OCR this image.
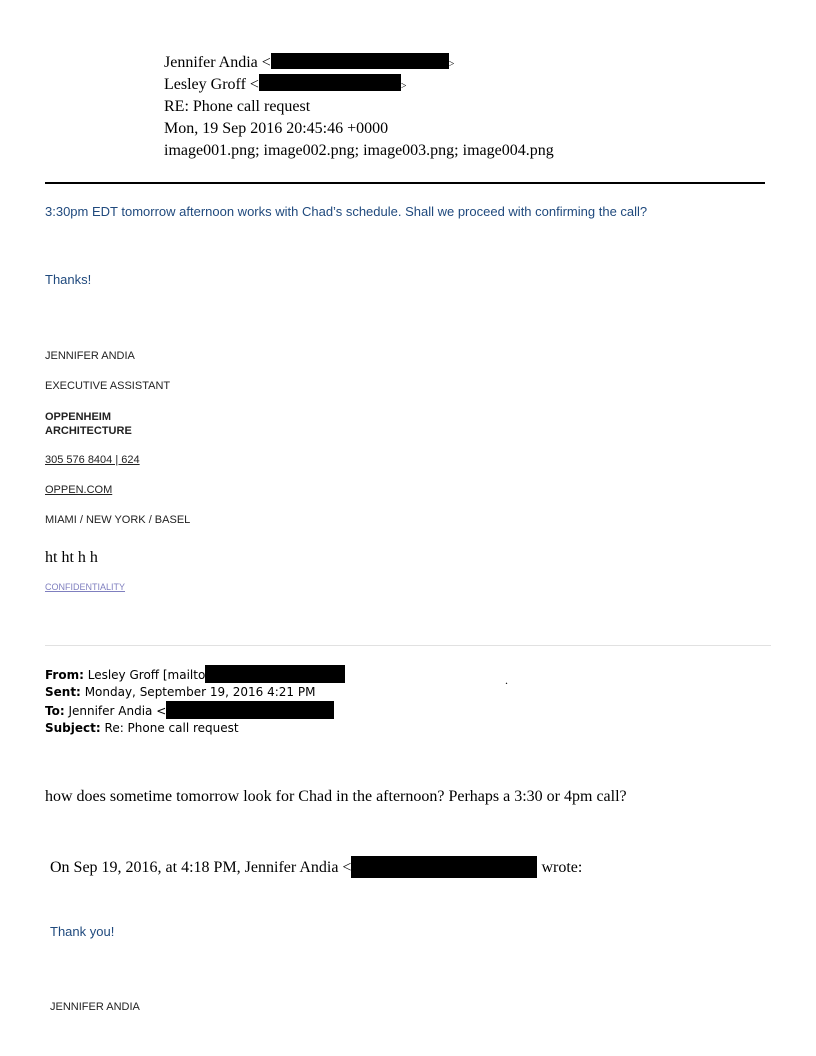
Jennifer Andia <	>
Lesley Groff <	>
RE: Phone call request
Mon, 19 Sep 2016 20:45:46 +0000
image001.png; image002.png; image003.png; image004.png
3:30pm EDT tomorrow afternoon works with Chad’s schedule. Shall we proceed with confirming the call?
Thanks!
JENNIFER ANDIA
EXECUTIVE ASSISTANT
OPPENHEIM
ARCHITECTURE
305 576 8404 | 624
OPPEN.COM
MIAMI / NEW YORK / BASEL
ht ht h h
CONFIDENTIALITY
From: Lesley Groff [mailto	.
Sent: Monday, September 19, 2016 4:21 PM
To: Jennifer Andia <
Subject: Re: Phone call request
how does sometime tomorrow look for Chad in the afternoon? Perhaps a 3:30 or 4pm call?
On Sep 19, 2016, at 4:18 PM, Jennifer Andia <	wrote:
Thank you!
JENNIFER ANDIA
